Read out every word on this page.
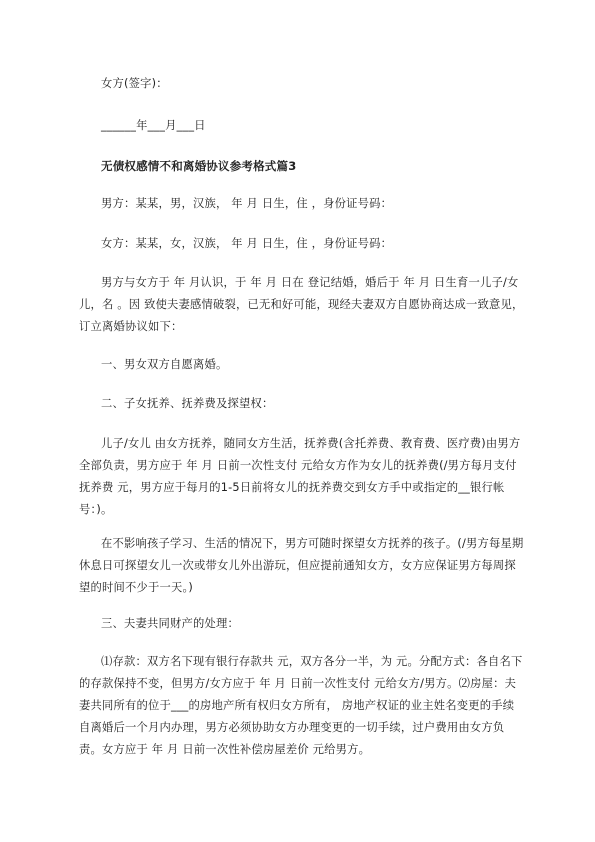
女方(签字)：

______年___月___日

无债权感情不和离婚协议参考格式篇3

男方：某某，男，汉族， 年 月 日生，住 ，身份证号码：

女方：某某，女，汉族， 年 月 日生，住 ，身份证号码：

男方与女方于 年 月认识，于 年 月 日在 登记结婚，婚后于 年 月 日生育一儿子/女儿，名 。因 致使夫妻感情破裂，已无和好可能，现经夫妻双方自愿协商达成一致意见，订立离婚协议如下：

一、男女双方自愿离婚。

二、子女抚养、抚养费及探望权：

儿子/女儿 由女方抚养，随同女方生活，抚养费(含托养费、教育费、医疗费)由男方全部负责，男方应于 年 月 日前一次性支付 元给女方作为女儿的抚养费(/男方每月支付抚养费 元，男方应于每月的1-5日前将女儿的抚养费交到女方手中或指定的__银行帐号：)。

在不影响孩子学习、生活的情况下，男方可随时探望女方抚养的孩子。(/男方每星期休息日可探望女儿一次或带女儿外出游玩，但应提前通知女方，女方应保证男方每周探望的时间不少于一天。)

三、夫妻共同财产的处理：

⑴存款：双方名下现有银行存款共 元，双方各分一半，为 元。分配方式：各自名下的存款保持不变，但男方/女方应于 年 月 日前一次性支付 元给女方/男方。⑵房屋：夫妻共同所有的位于___的房地产所有权归女方所有， 房地产权证的业主姓名变更的手续自离婚后一个月内办理，男方必须协助女方办理变更的一切手续，过户费用由女方负责。女方应于 年 月 日前一次性补偿房屋差价 元给男方。
